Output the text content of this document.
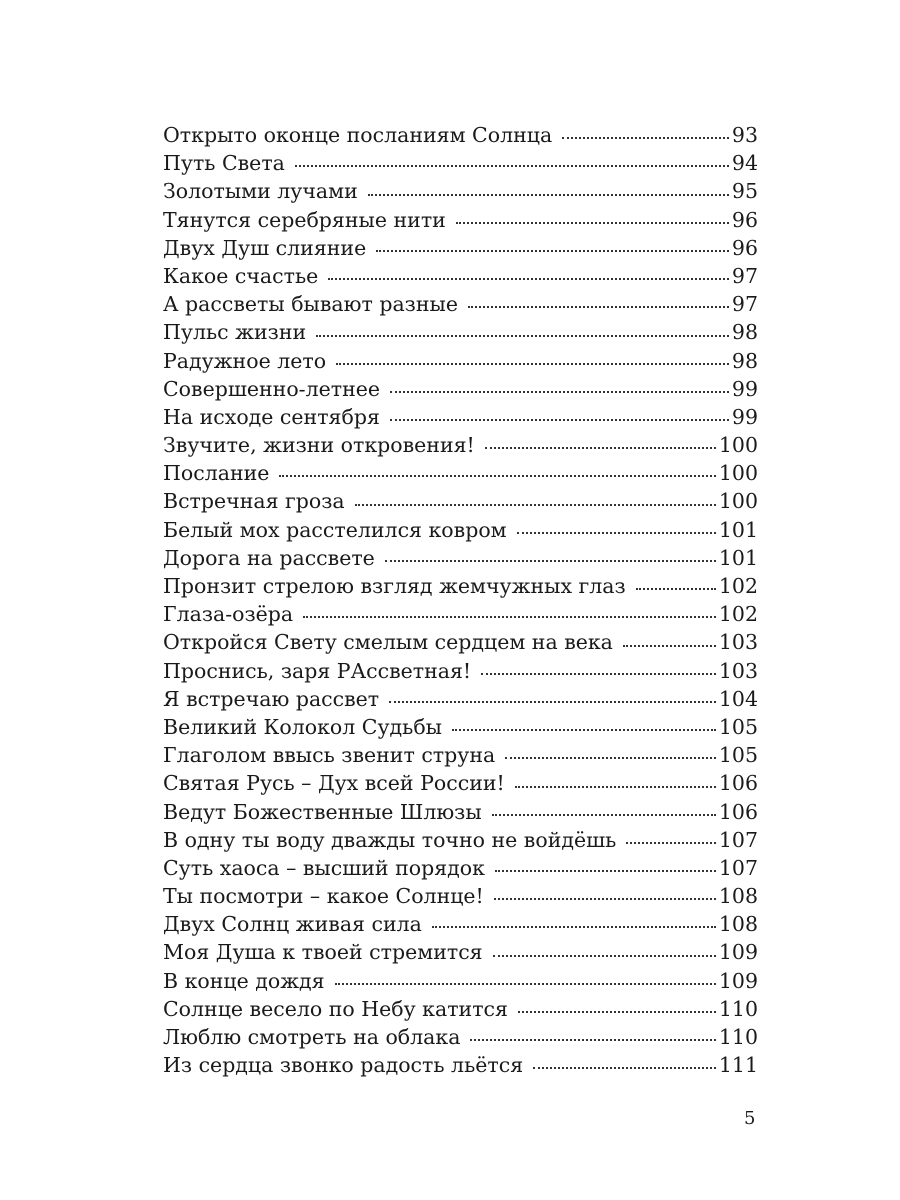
Открыто оконце посланиям Солнца	93
Путь Света	94
Золотыми лучами	95
Тянутся серебряные нити	96
Двух Душ слияние	96
Какое счастье	97
А рассветы бывают разные	97
Пульс жизни	98
Радужное лето	98
Совершенно-летнее	99
На исходе сентября	99
Звучите, жизни откровения!	100
Послание	100
Встречная гроза	100
Белый мох расстелился ковром	101
Дорога на рассвете	101
Пронзит стрелою взгляд жемчужных глаз	102
Глаза-озёра	102
Откройся Свету смелым сердцем на века	103
Проснись, заря РАссветная!	103
Я встречаю рассвет	104
Великий Колокол Судьбы	105
Глаголом ввысь звенит струна	105
Святая Русь – Дух всей России!	106
Ведут Божественные Шлюзы	106
В одну ты воду дважды точно не войдёшь	107
Суть хаоса – высший порядок	107
Ты посмотри – какое Солнце!	108
Двух Солнц живая сила	108
Моя Душа к твоей стремится	109
В конце дождя	109
Солнце весело по Небу катится	110
Люблю смотреть на облака	110
Из сердца звонко радость льётся	111
5
